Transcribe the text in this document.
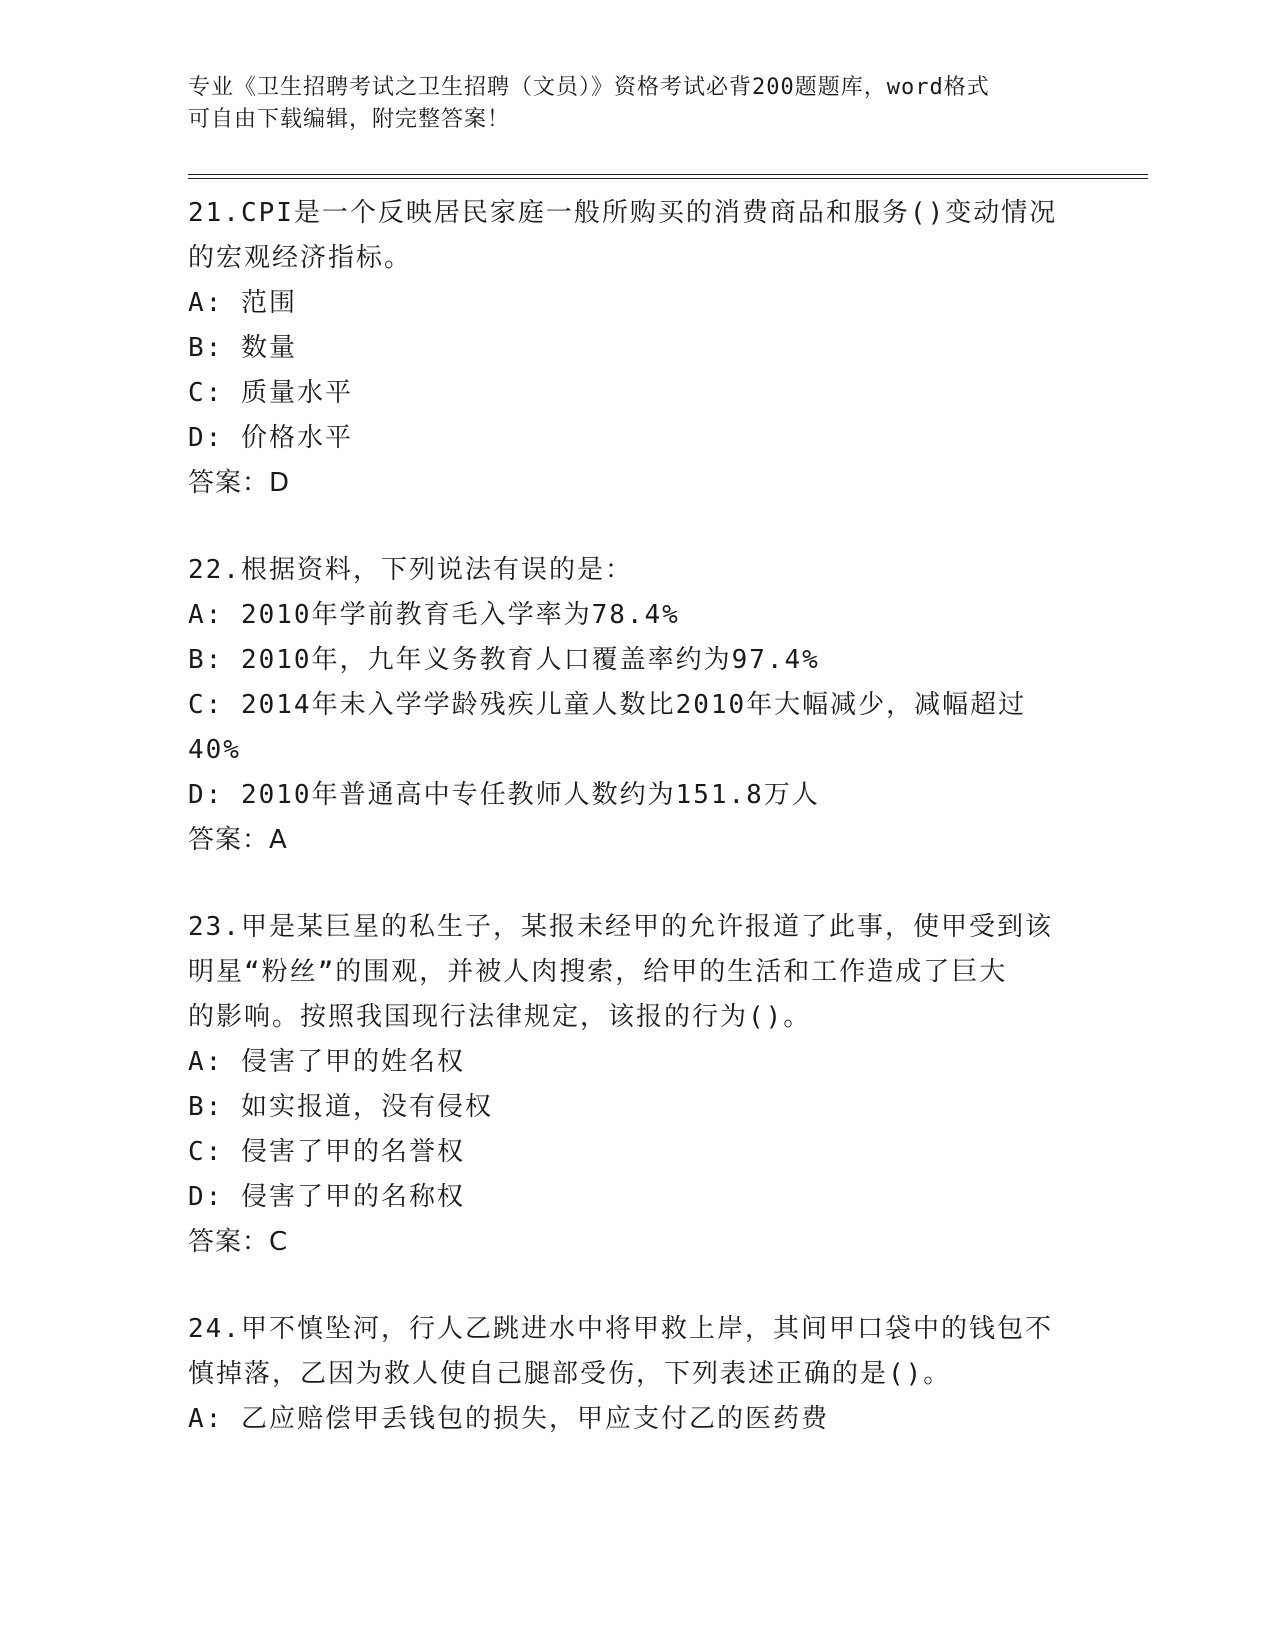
专业《卫生招聘考试之卫生招聘（文员）》资格考试必背200题题库，word格式
可自由下载编辑，附完整答案！

21.CPI是一个反映居民家庭一般所购买的消费商品和服务()变动情况

的宏观经济指标。

A: 范围

B: 数量

C: 质量水平

D: 价格水平

答案：D

22.根据资料，下列说法有误的是：

A: 2010年学前教育毛入学率为78.4%

B: 2010年，九年义务教育人口覆盖率约为97.4%

C: 2014年未入学学龄残疾儿童人数比2010年大幅减少，减幅超过

40%

D: 2010年普通高中专任教师人数约为151.8万人

答案：A

23.甲是某巨星的私生子，某报未经甲的允许报道了此事，使甲受到该

明星“粉丝”的围观，并被人肉搜索，给甲的生活和工作造成了巨大

的影响。按照我国现行法律规定，该报的行为()。

A: 侵害了甲的姓名权

B: 如实报道，没有侵权

C: 侵害了甲的名誉权

D: 侵害了甲的名称权

答案：C

24.甲不慎坠河，行人乙跳进水中将甲救上岸，其间甲口袋中的钱包不

慎掉落，乙因为救人使自己腿部受伤，下列表述正确的是()。

A: 乙应赔偿甲丢钱包的损失，甲应支付乙的医药费
